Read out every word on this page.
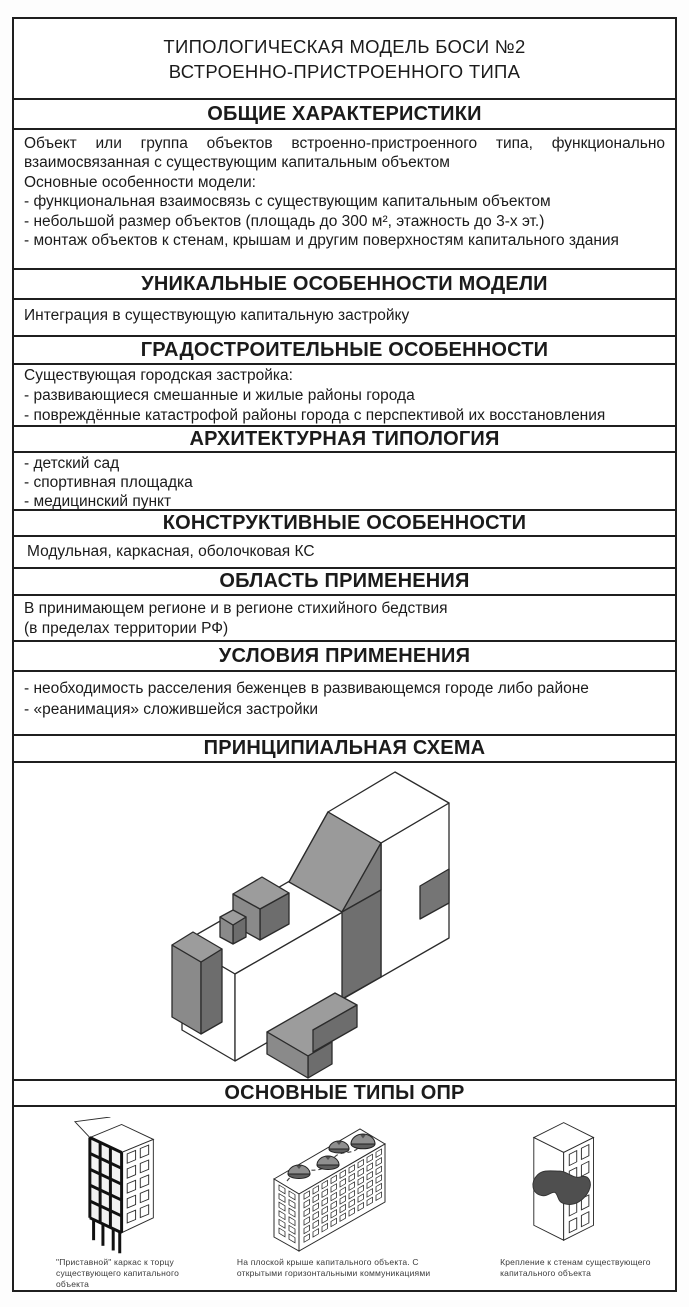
ТИПОЛОГИЧЕСКАЯ МОДЕЛЬ БОСИ №2
ВСТРОЕННО-ПРИСТРОЕННОГО ТИПА
ОБЩИЕ ХАРАКТЕРИСТИКИ
Объект или группа объектов встроенно-пристроенного типа, функционально взаимосвязанная с существующим капитальным объектом
Основные особенности модели:
- функциональная взаимосвязь с существующим капитальным объектом
- небольшой размер объектов (площадь до 300 м², этажность до 3-х эт.)
- монтаж объектов к стенам, крышам и другим поверхностям капитального здания
УНИКАЛЬНЫЕ ОСОБЕННОСТИ МОДЕЛИ
Интеграция в существующую капитальную застройку
ГРАДОСТРОИТЕЛЬНЫЕ ОСОБЕННОСТИ
Существующая городская застройка:
- развивающиеся смешанные и жилые районы города
- повреждённые катастрофой районы города с перспективой их восстановления
АРХИТЕКТУРНАЯ ТИПОЛОГИЯ
- детский сад
- спортивная площадка
- медицинский пункт
КОНСТРУКТИВНЫЕ ОСОБЕННОСТИ
Модульная, каркасная, оболочковая КС
ОБЛАСТЬ ПРИМЕНЕНИЯ
В принимающем регионе и в регионе стихийного бедствия
(в пределах территории РФ)
УСЛОВИЯ ПРИМЕНЕНИЯ
- необходимость расселения беженцев в развивающемся городе либо районе
- «реанимация» сложившейся застройки
ПРИНЦИПИАЛЬНАЯ СХЕМА
ОСНОВНЫЕ ТИПЫ ОПР
"Приставной" каркас к торцу существующего капитального объекта
На плоской крыше капитального объекта. С открытыми горизонтальными коммуникациями
Крепление к стенам существующего капитального объекта
